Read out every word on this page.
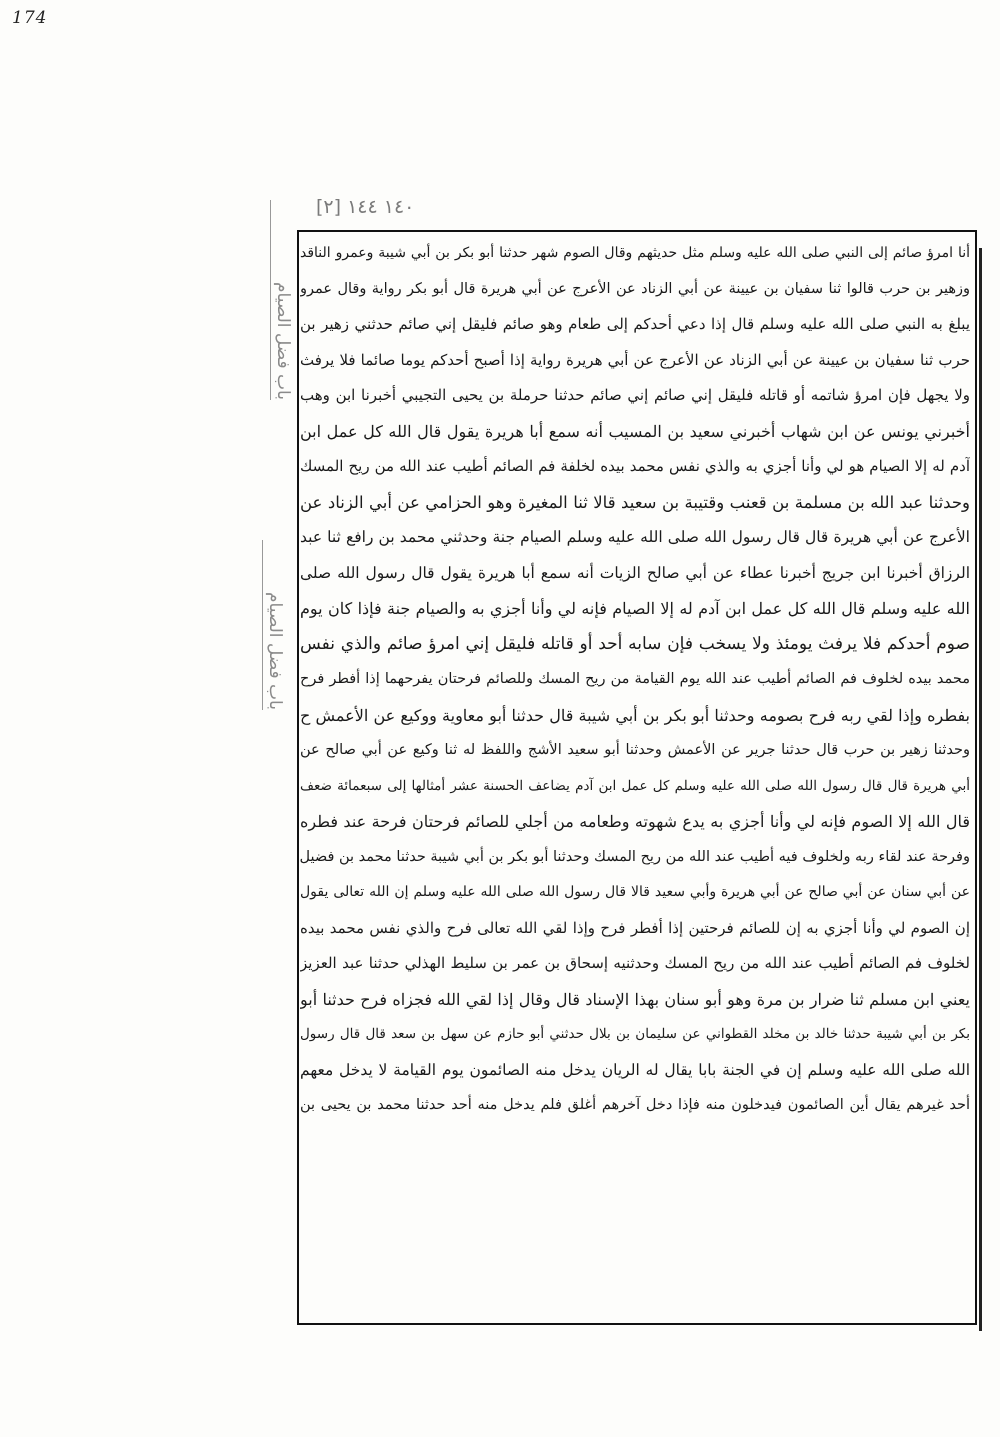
174
١٤٠ ١٤٤ [٢]
باب فضل الصيام
باب فضل الصيام
أنا امرؤ صائم إلى النبي صلى الله عليه وسلم مثل حديثهم وقال الصوم شهر حدثنا أبو بكر بن أبي شيبة وعمرو الناقد
وزهير بن حرب قالوا ثنا سفيان بن عيينة عن أبي الزناد عن الأعرج عن أبي هريرة قال أبو بكر رواية وقال عمرو
يبلغ به النبي صلى الله عليه وسلم قال إذا دعي أحدكم إلى طعام وهو صائم فليقل إني صائم حدثني زهير بن
حرب ثنا سفيان بن عيينة عن أبي الزناد عن الأعرج عن أبي هريرة رواية إذا أصبح أحدكم يوما صائما فلا يرفث
ولا يجهل فإن امرؤ شاتمه أو قاتله فليقل إني صائم إني صائم حدثنا حرملة بن يحيى التجيبي أخبرنا ابن وهب
أخبرني يونس عن ابن شهاب أخبرني سعيد بن المسيب أنه سمع أبا هريرة يقول قال الله كل عمل ابن
آدم له إلا الصيام هو لي وأنا أجزي به والذي نفس محمد بيده لخلفة فم الصائم أطيب عند الله من ريح المسك
وحدثنا عبد الله بن مسلمة بن قعنب وقتيبة بن سعيد قالا ثنا المغيرة وهو الحزامي عن أبي الزناد عن
الأعرج عن أبي هريرة قال قال رسول الله صلى الله عليه وسلم الصيام جنة وحدثني محمد بن رافع ثنا عبد
الرزاق أخبرنا ابن جريج أخبرنا عطاء عن أبي صالح الزيات أنه سمع أبا هريرة يقول قال رسول الله صلى
الله عليه وسلم قال الله كل عمل ابن آدم له إلا الصيام فإنه لي وأنا أجزي به والصيام جنة فإذا كان يوم
صوم أحدكم فلا يرفث يومئذ ولا يسخب فإن سابه أحد أو قاتله فليقل إني امرؤ صائم والذي نفس
محمد بيده لخلوف فم الصائم أطيب عند الله يوم القيامة من ريح المسك وللصائم فرحتان يفرحهما إذا أفطر فرح
بفطره وإذا لقي ربه فرح بصومه وحدثنا أبو بكر بن أبي شيبة قال حدثنا أبو معاوية ووكيع عن الأعمش ح
وحدثنا زهير بن حرب قال حدثنا جرير عن الأعمش وحدثنا أبو سعيد الأشج واللفظ له ثنا وكيع عن أبي صالح عن
أبي هريرة قال قال رسول الله صلى الله عليه وسلم كل عمل ابن آدم يضاعف الحسنة عشر أمثالها إلى سبعمائة ضعف
قال الله إلا الصوم فإنه لي وأنا أجزي به يدع شهوته وطعامه من أجلي للصائم فرحتان فرحة عند فطره
وفرحة عند لقاء ربه ولخلوف فيه أطيب عند الله من ريح المسك وحدثنا أبو بكر بن أبي شيبة حدثنا محمد بن فضيل
عن أبي سنان عن أبي صالح عن أبي هريرة وأبي سعيد قالا قال رسول الله صلى الله عليه وسلم إن الله تعالى يقول
إن الصوم لي وأنا أجزي به إن للصائم فرحتين إذا أفطر فرح وإذا لقي الله تعالى فرح والذي نفس محمد بيده
لخلوف فم الصائم أطيب عند الله من ريح المسك وحدثنيه إسحاق بن عمر بن سليط الهذلي حدثنا عبد العزيز
يعني ابن مسلم ثنا ضرار بن مرة وهو أبو سنان بهذا الإسناد قال وقال إذا لقي الله فجزاه فرح حدثنا أبو
بكر بن أبي شيبة حدثنا خالد بن مخلد القطواني عن سليمان بن بلال حدثني أبو حازم عن سهل بن سعد قال قال رسول
الله صلى الله عليه وسلم إن في الجنة بابا يقال له الريان يدخل منه الصائمون يوم القيامة لا يدخل معهم
أحد غيرهم يقال أين الصائمون فيدخلون منه فإذا دخل آخرهم أغلق فلم يدخل منه أحد حدثنا محمد بن يحيى بن
